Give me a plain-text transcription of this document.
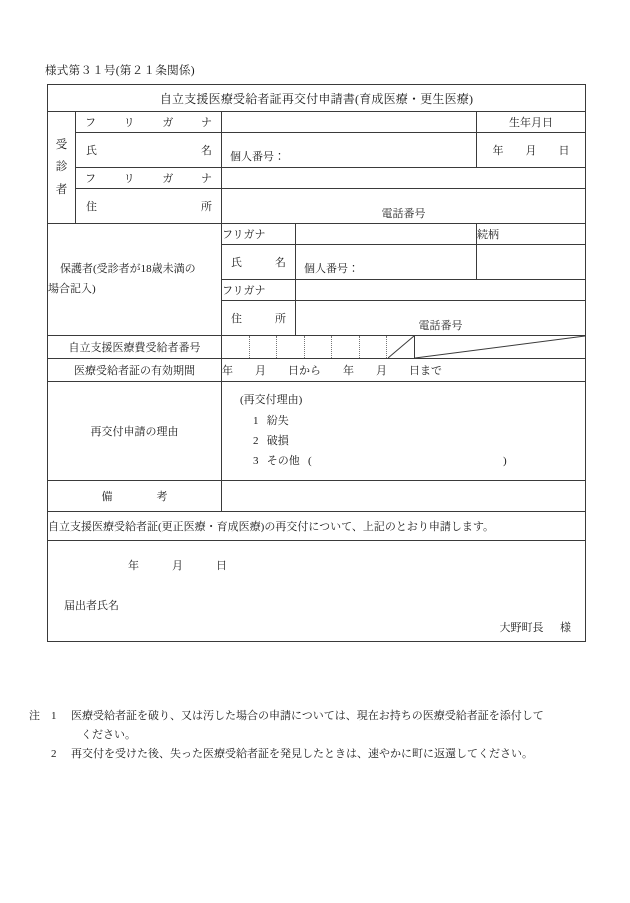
様式第３１号(第２１条関係)
自立支援医療受給者証再交付申請書(育成医療・更生医療)				

受
診
者	フ リ ガ ナ			生年月日

	氏 名	個人番号：		年　　月　　日

	フ リ ガ ナ			

	住 所	電話番号		

保護者(受診者が18歳未満の
場合記入)		フリガナ		続柄

		氏 名	個人番号：	

		フリガナ		

		住 所	電話番号	

自立支援医療費受給者番号	

医療受給者証の有効期間		年　　月　　日から　　年　　月　　日まで		
再交付申請の理由		(再交付理由)
1 紛失
2 破損
3 その他 ( )		

備　　　　考				
自立支援医療受給者証(更正医療・育成医療)の再交付について、上記のとおり申請します。				

年　　　月　　　日
届出者氏名
大野町長 様				
注	1	医療受給者証を破り、又は汚した場合の申請については、現在お持ちの医療受給者証を添付して
ください。
2	再交付を受けた後、失った医療受給者証を発見したときは、速やかに町に返還してください。
